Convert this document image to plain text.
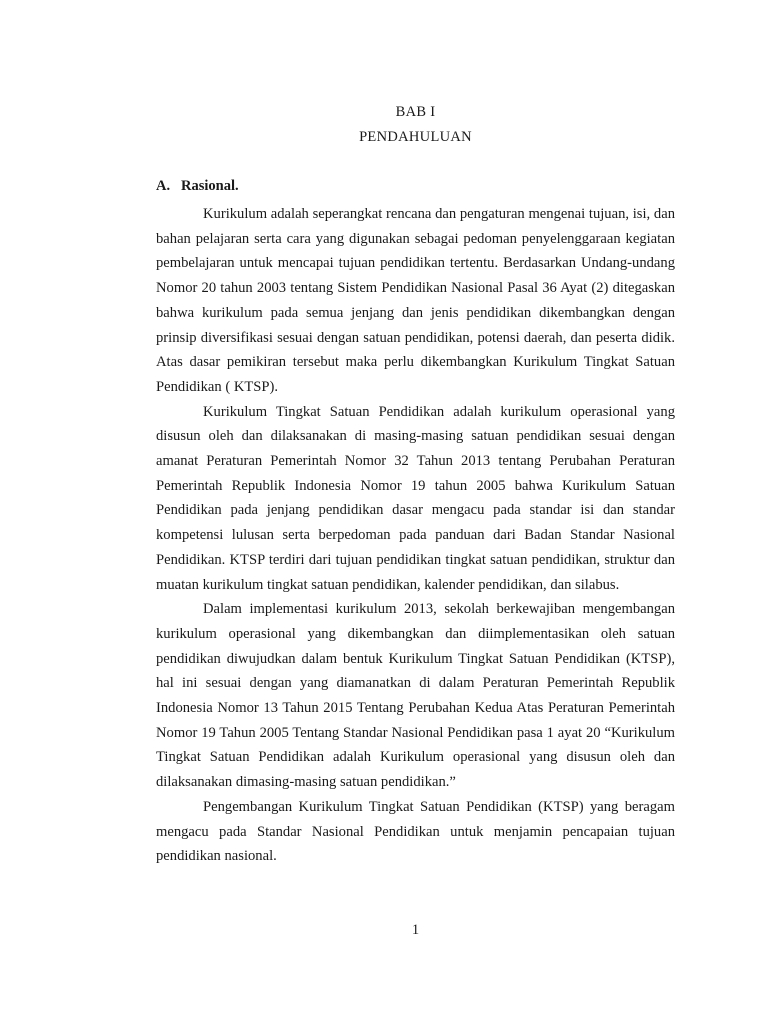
BAB I
PENDAHULUAN
A. Rasional.

Kurikulum adalah seperangkat rencana dan pengaturan mengenai tujuan, isi, dan bahan pelajaran serta cara yang digunakan sebagai pedoman penyelenggaraan kegiatan pembelajaran untuk mencapai tujuan pendidikan tertentu. Berdasarkan Undang-undang Nomor 20 tahun 2003 tentang Sistem Pendidikan Nasional Pasal 36 Ayat (2) ditegaskan bahwa kurikulum pada semua jenjang dan jenis pendidikan dikembangkan dengan prinsip diversifikasi sesuai dengan satuan pendidikan, potensi daerah, dan peserta didik. Atas dasar pemikiran tersebut maka perlu dikembangkan Kurikulum Tingkat Satuan Pendidikan ( KTSP).

Kurikulum Tingkat Satuan Pendidikan adalah kurikulum operasional yang disusun oleh dan dilaksanakan di masing-masing satuan pendidikan sesuai dengan amanat Peraturan Pemerintah Nomor 32 Tahun 2013 tentang Perubahan Peraturan Pemerintah Republik Indonesia Nomor 19 tahun 2005 bahwa Kurikulum Satuan Pendidikan pada jenjang pendidikan dasar mengacu pada standar isi dan standar kompetensi lulusan serta berpedoman pada panduan dari Badan Standar Nasional Pendidikan. KTSP terdiri dari tujuan pendidikan tingkat satuan pendidikan, struktur dan muatan kurikulum tingkat satuan pendidikan, kalender pendidikan, dan silabus.

Dalam implementasi kurikulum 2013, sekolah berkewajiban mengembangan kurikulum operasional yang dikembangkan dan diimplementasikan oleh satuan pendidikan diwujudkan dalam bentuk Kurikulum Tingkat Satuan Pendidikan (KTSP), hal ini sesuai dengan yang diamanatkan di dalam Peraturan Pemerintah Republik Indonesia Nomor 13 Tahun 2015 Tentang Perubahan Kedua Atas Peraturan Pemerintah Nomor 19 Tahun 2005 Tentang Standar Nasional Pendidikan pasa 1 ayat 20 “Kurikulum Tingkat Satuan Pendidikan adalah Kurikulum operasional yang disusun oleh dan dilaksanakan dimasing-masing satuan pendidikan.”

Pengembangan Kurikulum Tingkat Satuan Pendidikan (KTSP) yang beragam mengacu pada Standar Nasional Pendidikan untuk menjamin pencapaian tujuan pendidikan nasional.

1
